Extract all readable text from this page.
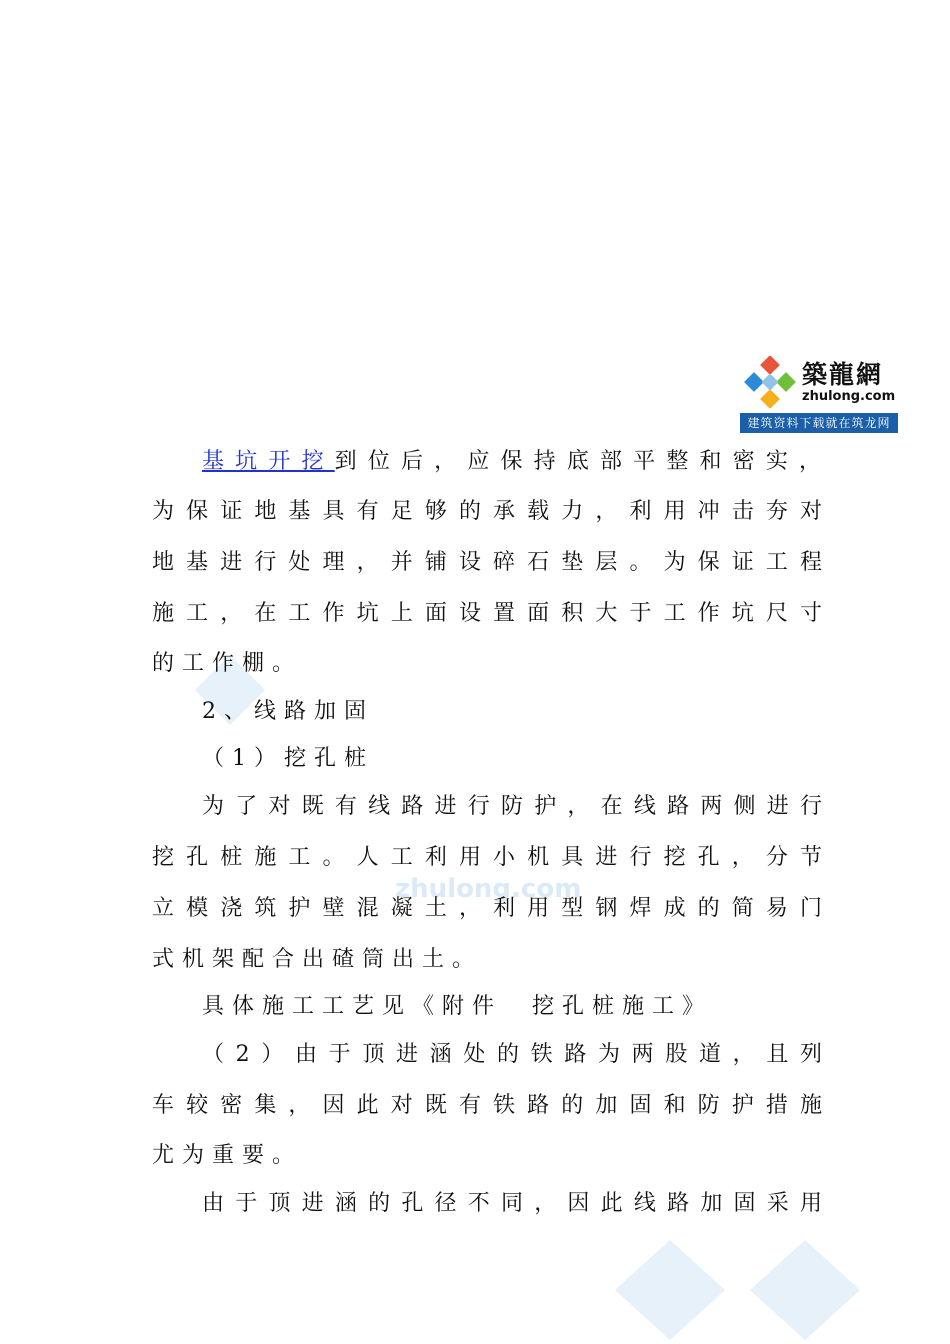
zhulong.com
築龍網
zhulong.com
建筑资料下载就在筑龙网
基坑开挖到位后，应保持底部平整和密实，
为保证地基具有足够的承载力，利用冲击夯对
地基进行处理，并铺设碎石垫层。为保证工程
施工，在工作坑上面设置面积大于工作坑尺寸
的工作棚。
2、线路加固
（1）挖孔桩
为了对既有线路进行防护，在线路两侧进行
挖孔桩施工。人工利用小机具进行挖孔，分节
立模浇筑护壁混凝土，利用型钢焊成的简易门
式机架配合出碴筒出土。
具体施工工艺见《附件　挖孔桩施工》
（2）由于顶进涵处的铁路为两股道，且列
车较密集，因此对既有铁路的加固和防护措施
尤为重要。
由于顶进涵的孔径不同，因此线路加固采用
